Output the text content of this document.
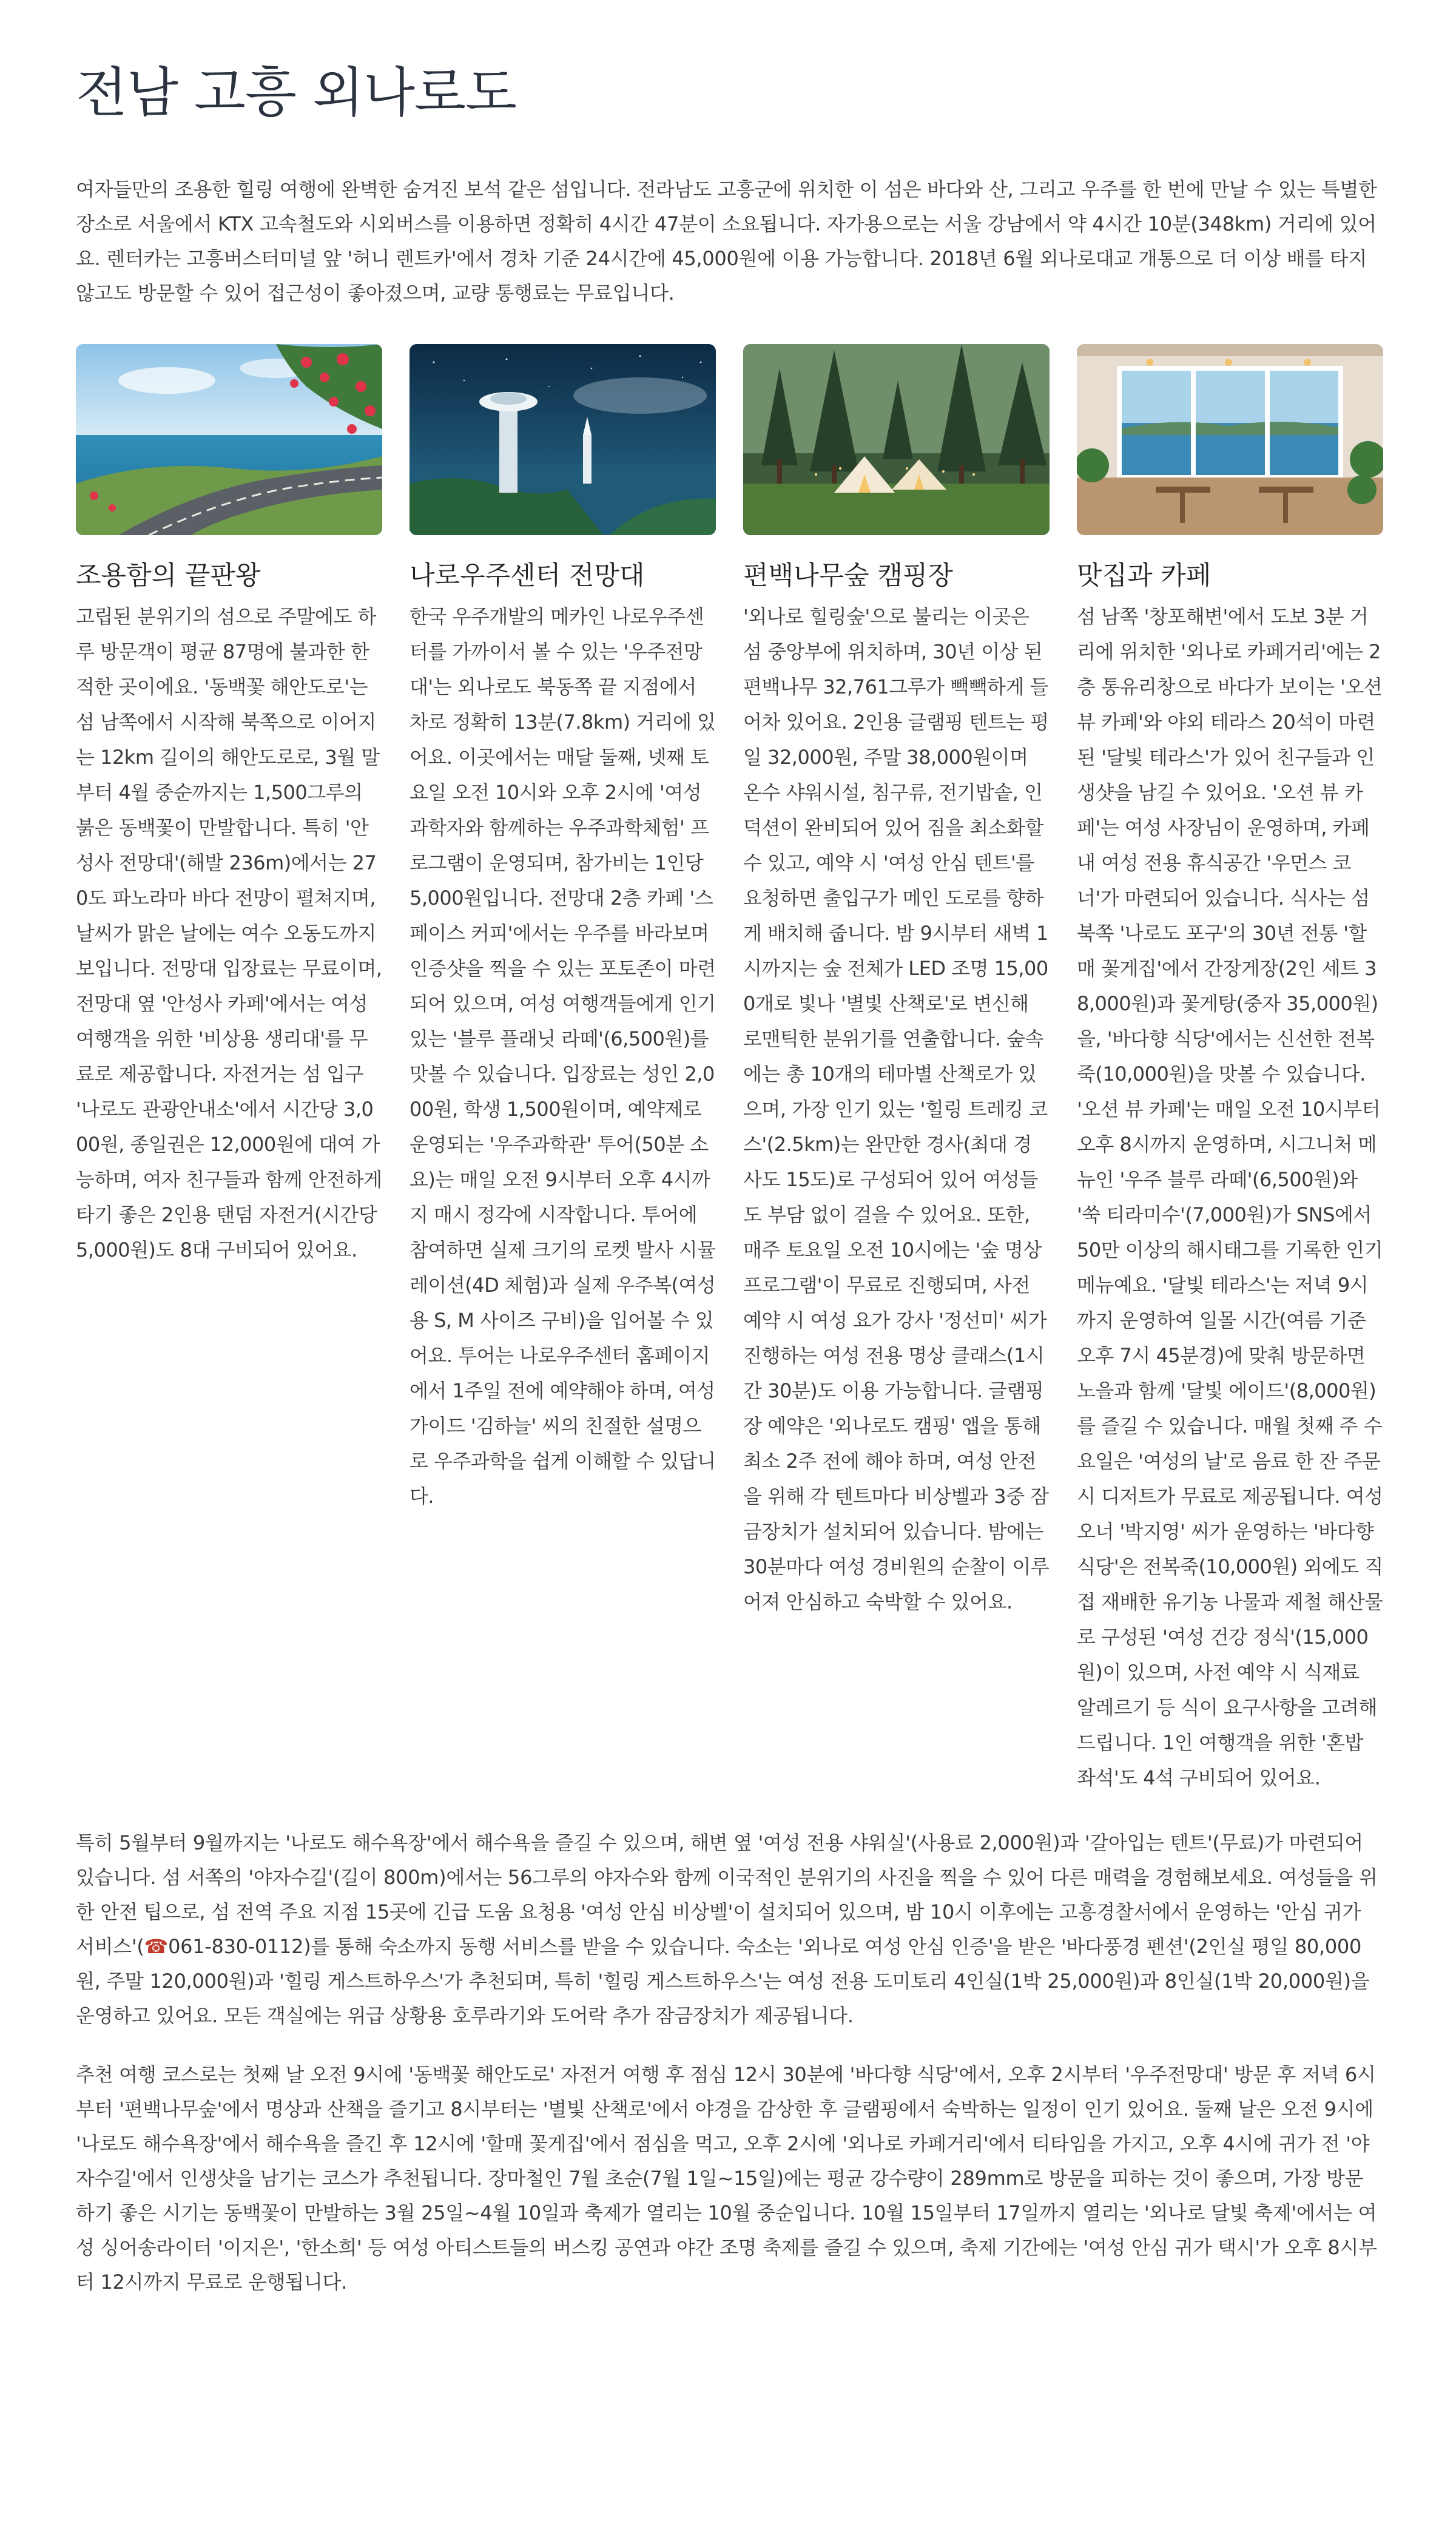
전남 고흥 외나로도

여자들만의 조용한 힐링 여행에 완벽한 숨겨진 보석 같은 섬입니다. 전라남도 고흥군에 위치한 이 섬은 바다와 산, 그리고 우주를 한 번에 만날 수 있는 특별한 장소로 서울에서 KTX 고속철도와 시외버스를 이용하면 정확히 4시간 47분이 소요됩니다. 자가용으로는 서울 강남에서 약 4시간 10분(348km) 거리에 있어요. 렌터카는 고흥버스터미널 앞 '허니 렌트카'에서 경차 기준 24시간에 45,000원에 이용 가능합니다. 2018년 6월 외나로대교 개통으로 더 이상 배를 타지 않고도 방문할 수 있어 접근성이 좋아졌으며, 교량 통행료는 무료입니다.

조용함의 끝판왕

고립된 분위기의 섬으로 주말에도 하루 방문객이 평균 87명에 불과한 한적한 곳이에요. '동백꽃 해안도로'는 섬 남쪽에서 시작해 북쪽으로 이어지는 12km 길이의 해안도로로, 3월 말부터 4월 중순까지는 1,500그루의 붉은 동백꽃이 만발합니다. 특히 '안성사 전망대'(해발 236m)에서는 270도 파노라마 바다 전망이 펼쳐지며, 날씨가 맑은 날에는 여수 오동도까지 보입니다. 전망대 입장료는 무료이며, 전망대 옆 '안성사 카페'에서는 여성 여행객을 위한 '비상용 생리대'를 무료로 제공합니다. 자전거는 섬 입구 '나로도 관광안내소'에서 시간당 3,000원, 종일권은 12,000원에 대여 가능하며, 여자 친구들과 함께 안전하게 타기 좋은 2인용 탠덤 자전거(시간당 5,000원)도 8대 구비되어 있어요.

나로우주센터 전망대

한국 우주개발의 메카인 나로우주센터를 가까이서 볼 수 있는 '우주전망대'는 외나로도 북동쪽 끝 지점에서 차로 정확히 13분(7.8km) 거리에 있어요. 이곳에서는 매달 둘째, 넷째 토요일 오전 10시와 오후 2시에 '여성 과학자와 함께하는 우주과학체험' 프로그램이 운영되며, 참가비는 1인당 5,000원입니다. 전망대 2층 카페 '스페이스 커피'에서는 우주를 바라보며 인증샷을 찍을 수 있는 포토존이 마련되어 있으며, 여성 여행객들에게 인기 있는 '블루 플래닛 라떼'(6,500원)를 맛볼 수 있습니다. 입장료는 성인 2,000원, 학생 1,500원이며, 예약제로 운영되는 '우주과학관' 투어(50분 소요)는 매일 오전 9시부터 오후 4시까지 매시 정각에 시작합니다. 투어에 참여하면 실제 크기의 로켓 발사 시뮬레이션(4D 체험)과 실제 우주복(여성용 S, M 사이즈 구비)을 입어볼 수 있어요. 투어는 나로우주센터 홈페이지에서 1주일 전에 예약해야 하며, 여성 가이드 '김하늘' 씨의 친절한 설명으로 우주과학을 쉽게 이해할 수 있답니다.

편백나무숲 캠핑장

'외나로 힐링숲'으로 불리는 이곳은 섬 중앙부에 위치하며, 30년 이상 된 편백나무 32,761그루가 빽빽하게 들어차 있어요. 2인용 글램핑 텐트는 평일 32,000원, 주말 38,000원이며 온수 샤워시설, 침구류, 전기밥솥, 인덕션이 완비되어 있어 짐을 최소화할 수 있고, 예약 시 '여성 안심 텐트'를 요청하면 출입구가 메인 도로를 향하게 배치해 줍니다. 밤 9시부터 새벽 1시까지는 숲 전체가 LED 조명 15,000개로 빛나 '별빛 산책로'로 변신해 로맨틱한 분위기를 연출합니다. 숲속에는 총 10개의 테마별 산책로가 있으며, 가장 인기 있는 '힐링 트레킹 코스'(2.5km)는 완만한 경사(최대 경사도 15도)로 구성되어 있어 여성들도 부담 없이 걸을 수 있어요. 또한, 매주 토요일 오전 10시에는 '숲 명상 프로그램'이 무료로 진행되며, 사전 예약 시 여성 요가 강사 '정선미' 씨가 진행하는 여성 전용 명상 클래스(1시간 30분)도 이용 가능합니다. 글램핑장 예약은 '외나로도 캠핑' 앱을 통해 최소 2주 전에 해야 하며, 여성 안전을 위해 각 텐트마다 비상벨과 3중 잠금장치가 설치되어 있습니다. 밤에는 30분마다 여성 경비원의 순찰이 이루어져 안심하고 숙박할 수 있어요.

맛집과 카페

섬 남쪽 '창포해변'에서 도보 3분 거리에 위치한 '외나로 카페거리'에는 2층 통유리창으로 바다가 보이는 '오션 뷰 카페'와 야외 테라스 20석이 마련된 '달빛 테라스'가 있어 친구들과 인생샷을 남길 수 있어요. '오션 뷰 카페'는 여성 사장님이 운영하며, 카페 내 여성 전용 휴식공간 '우먼스 코너'가 마련되어 있습니다. 식사는 섬 북쪽 '나로도 포구'의 30년 전통 '할매 꽃게집'에서 간장게장(2인 세트 38,000원)과 꽃게탕(중자 35,000원)을, '바다향 식당'에서는 신선한 전복죽(10,000원)을 맛볼 수 있습니다. '오션 뷰 카페'는 매일 오전 10시부터 오후 8시까지 운영하며, 시그니처 메뉴인 '우주 블루 라떼'(6,500원)와 '쑥 티라미수'(7,000원)가 SNS에서 50만 이상의 해시태그를 기록한 인기 메뉴예요. '달빛 테라스'는 저녁 9시까지 운영하여 일몰 시간(여름 기준 오후 7시 45분경)에 맞춰 방문하면 노을과 함께 '달빛 에이드'(8,000원)를 즐길 수 있습니다. 매월 첫째 주 수요일은 '여성의 날'로 음료 한 잔 주문시 디저트가 무료로 제공됩니다. 여성 오너 '박지영' 씨가 운영하는 '바다향 식당'은 전복죽(10,000원) 외에도 직접 재배한 유기농 나물과 제철 해산물로 구성된 '여성 건강 정식'(15,000원)이 있으며, 사전 예약 시 식재료 알레르기 등 식이 요구사항을 고려해 드립니다. 1인 여행객을 위한 '혼밥 좌석'도 4석 구비되어 있어요.

특히 5월부터 9월까지는 '나로도 해수욕장'에서 해수욕을 즐길 수 있으며, 해변 옆 '여성 전용 샤워실'(사용료 2,000원)과 '갈아입는 텐트'(무료)가 마련되어 있습니다. 섬 서쪽의 '야자수길'(길이 800m)에서는 56그루의 야자수와 함께 이국적인 분위기의 사진을 찍을 수 있어 다른 매력을 경험해보세요. 여성들을 위한 안전 팁으로, 섬 전역 주요 지점 15곳에 긴급 도움 요청용 '여성 안심 비상벨'이 설치되어 있으며, 밤 10시 이후에는 고흥경찰서에서 운영하는 '안심 귀가 서비스'(☎061-830-0112)를 통해 숙소까지 동행 서비스를 받을 수 있습니다. 숙소는 '외나로 여성 안심 인증'을 받은 '바다풍경 펜션'(2인실 평일 80,000원, 주말 120,000원)과 '힐링 게스트하우스'가 추천되며, 특히 '힐링 게스트하우스'는 여성 전용 도미토리 4인실(1박 25,000원)과 8인실(1박 20,000원)을 운영하고 있어요. 모든 객실에는 위급 상황용 호루라기와 도어락 추가 잠금장치가 제공됩니다.

추천 여행 코스로는 첫째 날 오전 9시에 '동백꽃 해안도로' 자전거 여행 후 점심 12시 30분에 '바다향 식당'에서, 오후 2시부터 '우주전망대' 방문 후 저녁 6시부터 '편백나무숲'에서 명상과 산책을 즐기고 8시부터는 '별빛 산책로'에서 야경을 감상한 후 글램핑에서 숙박하는 일정이 인기 있어요. 둘째 날은 오전 9시에 '나로도 해수욕장'에서 해수욕을 즐긴 후 12시에 '할매 꽃게집'에서 점심을 먹고, 오후 2시에 '외나로 카페거리'에서 티타임을 가지고, 오후 4시에 귀가 전 '야자수길'에서 인생샷을 남기는 코스가 추천됩니다. 장마철인 7월 초순(7월 1일~15일)에는 평균 강수량이 289mm로 방문을 피하는 것이 좋으며, 가장 방문하기 좋은 시기는 동백꽃이 만발하는 3월 25일~4월 10일과 축제가 열리는 10월 중순입니다. 10월 15일부터 17일까지 열리는 '외나로 달빛 축제'에서는 여성 싱어송라이터 '이지은', '한소희' 등 여성 아티스트들의 버스킹 공연과 야간 조명 축제를 즐길 수 있으며, 축제 기간에는 '여성 안심 귀가 택시'가 오후 8시부터 12시까지 무료로 운행됩니다.
